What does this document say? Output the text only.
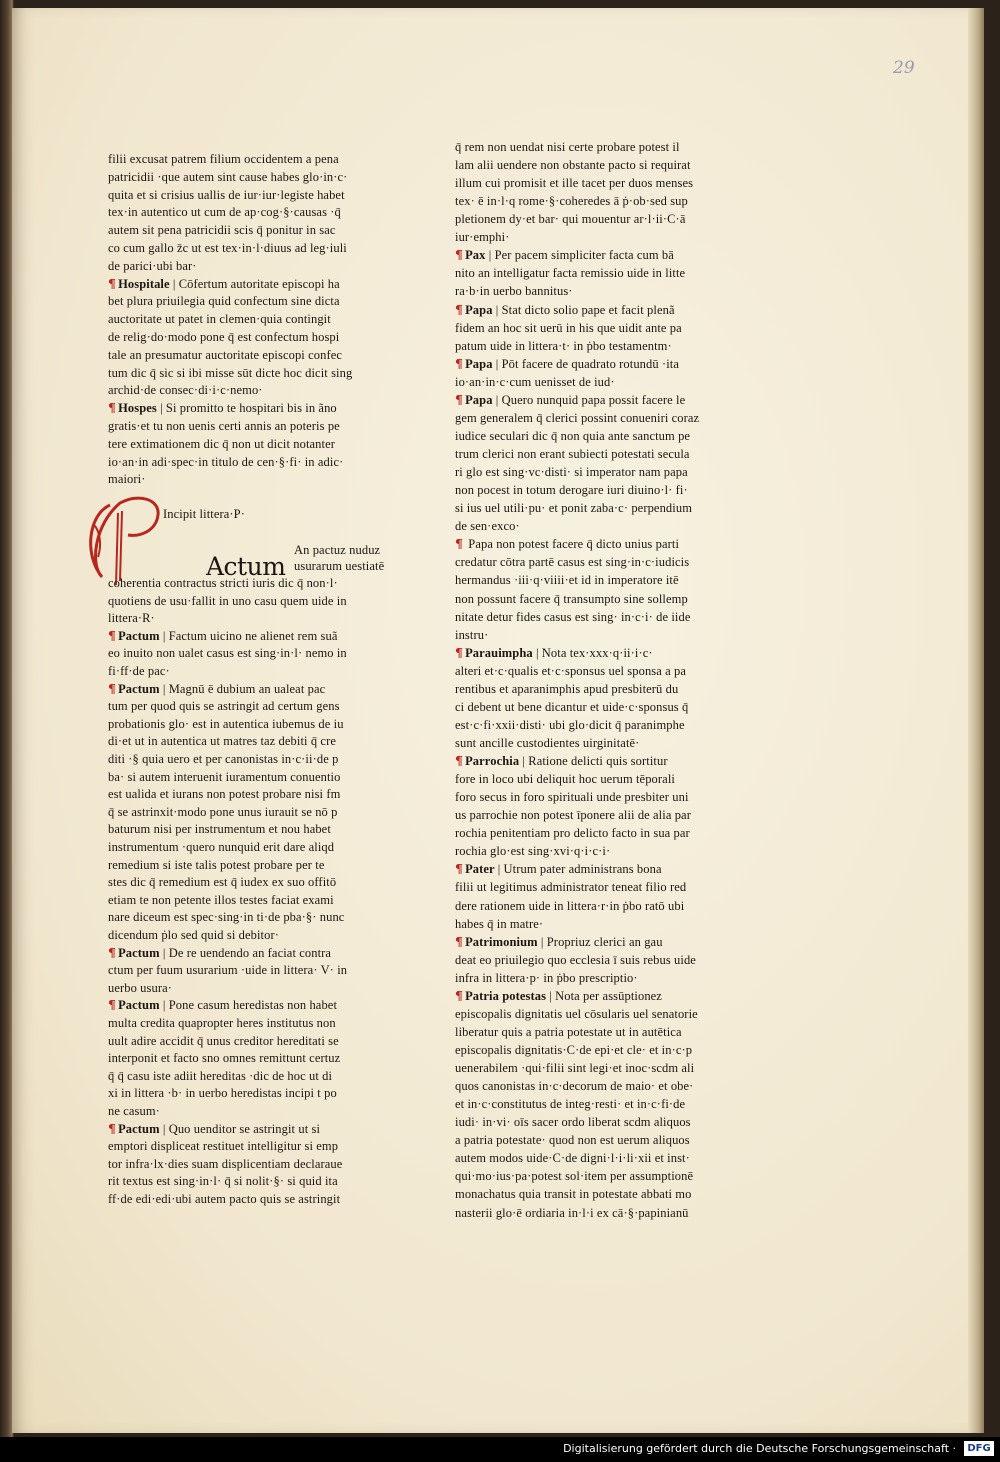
29
Actum
filii excusat patrem filium occidentem a pena
patricidii ·que autem sint cause habes glo·in·c·
quita et si crisius uallis de iur·iur·legiste habet
tex·in autentico ut cum de ap·cog·§·causas ·q̄
autem sit pena patricidii scis q̄ ponitur in sac
co cum gallo z̄c ut est tex·in·l·diuus ad leg·iuli
de parici·ubi bar·
¶ Hospitale | Cōfertum autoritate episcopi ha
bet plura priuilegia quid confectum sine dicta
auctoritate ut patet in clemen·quia contingit
de relig·do·modo pone q̄ est confectum hospi
tale an presumatur auctoritate episcopi confec
tum dic q̄ sic si ibi misse sūt dicte hoc dicit sing
archid·de consec·di·i·c·nemo·
¶ Hospes | Si promitto te hospitari bis in ãno
gratis·et tu non uenis certi annis an poteris pe
tere extimationem dic q̄ non ut dicit notanter
io·an·in adi·spec·in titulo de cen·§·fi· in adic·
maiori·
Incipit littera·P·
An pactuz nuduz
usurarum uestiatē
coherentia contractus stricti iuris dic q̄ non·l·
quotiens de usu·fallit in uno casu quem uide in
littera·R·
¶ Pactum | Factum uicino ne alienet rem suã
eo inuito non ualet casus est sing·in·l· nemo in
fi·ff·de pac·
¶ Pactum | Magnū ē dubium an ualeat pac
tum per quod quis se astringit ad certum gens
probationis glo· est in autentica iubemus de iu
di·et ut in autentica ut matres taz debiti q̄ cre
diti ·§ quia uero et per canonistas in·c·ii·de p
ba· si autem interuenit iuramentum conuentio
est ualida et iurans non potest probare nisi fm
q̄ se astrinxit·modo pone unus iurauit se nō p
baturum nisi per instrumentum et nou habet
instrumentum ·quero nunquid erit dare aliqd
remedium si iste talis potest probare per te
stes dic q̄ remedium est q̄ iudex ex suo offitō
etiam te non petente illos testes faciat exami
nare diceum est spec·sing·in ti·de pba·§· nunc
dicendum ṗlo sed quid si debitor·
¶ Pactum | De re uendendo an faciat contra
ctum per fuum usurarium ·uide in littera· V· in
uerbo usura·
¶ Pactum | Pone casum heredistas non habet
multa credita quapropter heres institutus non
uult adire accidit q̄ unus creditor hereditati se
interponit et facto sno omnes remittunt certuz
q̄ q̄ casu iste adiit hereditas ·dic de hoc ut di
xi in littera ·b· in uerbo heredistas incipi t po
ne casum·
¶ Pactum | Quo uenditor se astringit ut si
emptori displiceat restituet intelligitur si emp
tor infra·lx·dies suam displicentiam declaraue
rit textus est sing·in·l· q̄ si nolit·§· si quid ita
ff·de edi·edi·ubi autem pacto quis se astringit
q̄ rem non uendat nisi certe probare potest il
lam alii uendere non obstante pacto si requirat
illum cui promisit et ille tacet per duos menses
tex· ē in·l·q rome·§·coheredes ā ṗ·ob·sed sup
pletionem dy·et bar· qui mouentur ar·l·ii·C·ā
iur·emphi·
¶ Pax | Per pacem simpliciter facta cum bā
nito an intelligatur facta remissio uide in litte
ra·b·in uerbo bannitus·
¶ Papa | Stat dicto solio pape et facit plenã
fidem an hoc sit uerū in his que uidit ante pa
patum uide in littera·t· in ṗbo testamentm·
¶ Papa | Pōt facere de quadrato rotundū ·ita
io·an·in·c·cum uenisset de iud·
¶ Papa | Quero nunquid papa possit facere le
gem generalem q̄ clerici possint conueniri coraz
iudice seculari dic q̄ non quia ante sanctum pe
trum clerici non erant subiecti potestati secula
ri glo est sing·vc·disti· si imperator nam papa
non pocest in totum derogare iuri diuino·l· fi·
si ius uel utili·pu· et ponit zaba·c· perpendium
de sen·exco·
¶ Papa non potest facere q̄ dicto unius parti
credatur cōtra partē casus est sing·in·c·iudicis
hermandus ·iii·q·viiii·et id in imperatore itē
non possunt facere q̄ transumpto sine sollemp
nitate detur fides casus est sing· in·c·i· de iide
instru·
¶ Parauimpha | Nota tex·xxx·q·ii·i·c·
alteri et·c·qualis et·c·sponsus uel sponsa a pa
rentibus et aparanimphis apud presbiterū du
ci debent ut bene dicantur et uide·c·sponsus q̄
est·c·fi·xxii·disti· ubi glo·dicit q̄ paranimphe
sunt ancille custodientes uirginitatē·
¶ Parrochia | Ratione delicti quis sortitur
fore in loco ubi deliquit hoc uerum tēporali
foro secus in foro spirituali unde presbiter uni
us parrochie non potest īponere alii de alia par
rochia penitentiam pro delicto facto in sua par
rochia glo·est sing·xvi·q·i·c·i·
¶ Pater | Utrum pater administrans bona
filii ut legitimus administrator teneat filio red
dere rationem uide in littera·r·in ṗbo ratō ubi
habes q̄ in matre·
¶ Patrimonium | Propriuz clerici an gau
deat eo priuilegio quo ecclesia ī suis rebus uide
infra in littera·p· in ṗbo prescriptio·
¶ Patria potestas | Nota per assūptionez
episcopalis dignitatis uel cōsularis uel senatorie
liberatur quis a patria potestate ut in autētica
episcopalis dignitatis·C·de epi·et cle· et in·c·p
uenerabilem ·qui·filii sint legi·et inoc·scdm ali
quos canonistas in·c·decorum de maio· et obe·
et in·c·constitutus de integ·resti· et in·c·fi·de
iudi· in·vi· oīs sacer ordo liberat scdm aliquos
a patria potestate· quod non est uerum aliquos
autem modos uide·C·de digni·l·i·li·xii et inst·
qui·mo·ius·pa·potest sol·item per assumptionē
monachatus quia transit in potestate abbati mo
nasterii glo·ē ordiaria in·l·i ex cā·§·papinianū
Digitalisierung gefördert durch die Deutsche Forschungsgemeinschaft ·	DFG
